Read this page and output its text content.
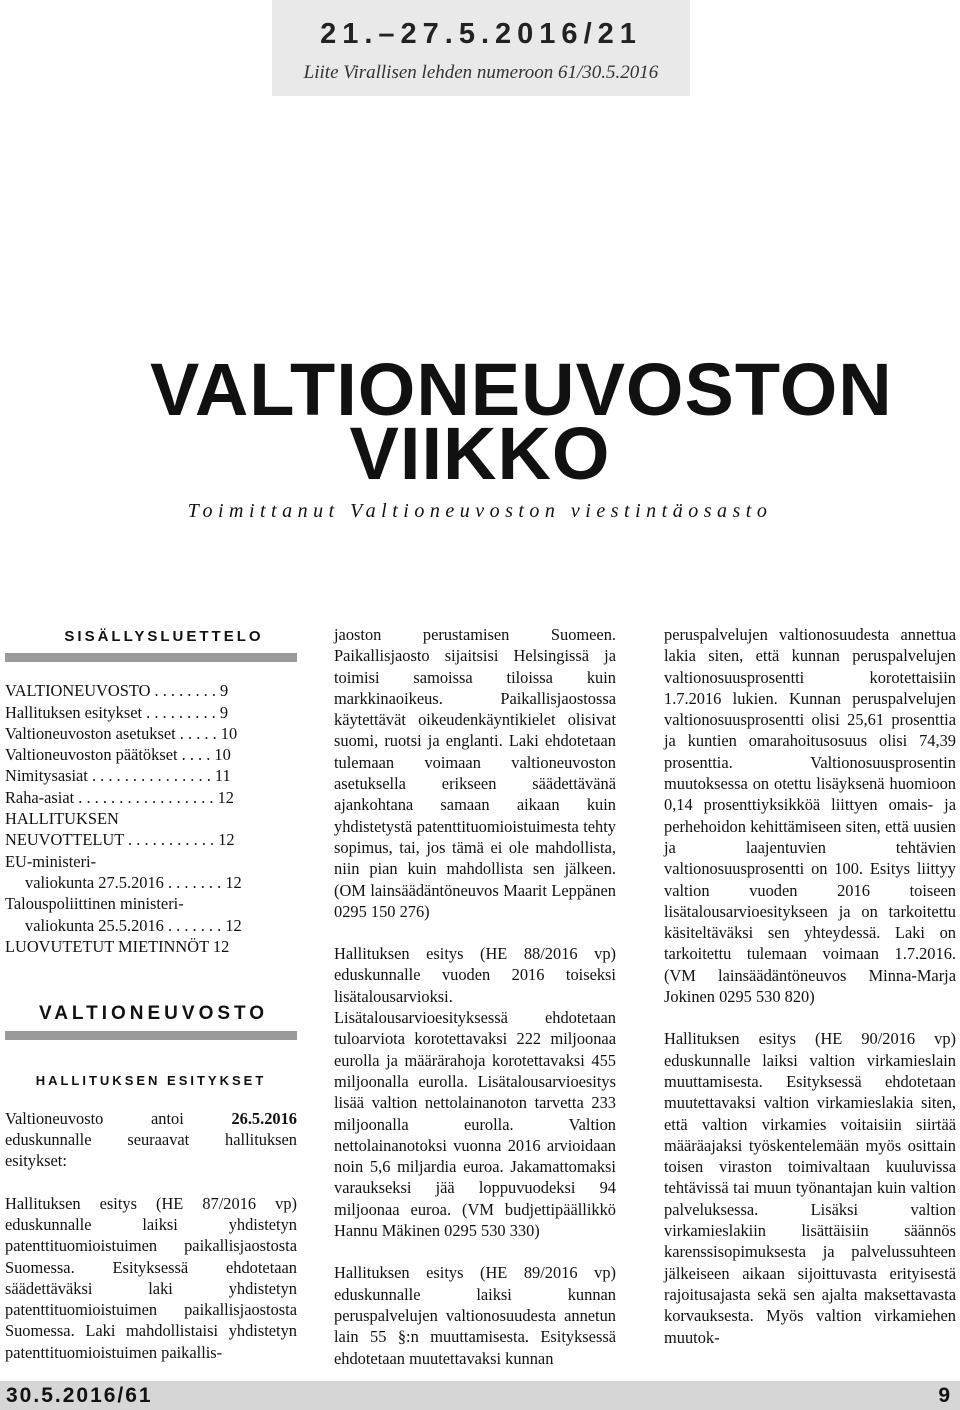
21.–27.5.2016/21
Liite Virallisen lehden numeroon 61/30.5.2016
VALTIONEUVOSTON
VIIKKO
Toimittanut Valtioneuvoston viestintäosasto
SISÄLLYSLUETTELO
VALTIONEUVOSTO . . . . . . . . 9
Hallituksen esitykset . . . . . . . . . 9
Valtioneuvoston asetukset . . . . . 10
Valtioneuvoston päätökset . . . . 10
Nimitysasiat . . . . . . . . . . . . . . . 11
Raha-asiat . . . . . . . . . . . . . . . . . 12
HALLITUKSEN
NEUVOTTELUT . . . . . . . . . . . 12
EU-ministeri-
valiokunta 27.5.2016 . . . . . . . 12
Talouspoliittinen ministeri-
valiokunta 25.5.2016 . . . . . . . 12
LUOVUTETUT MIETINNÖT 12
VALTIONEUVOSTO
HALLITUKSEN ESITYKSET

Valtioneuvosto antoi 26.5.2016 eduskunnalle seuraavat hallituksen esitykset:

Hallituksen esitys (HE 87/2016 vp) eduskunnalle laiksi yhdistetyn patenttituomioistuimen paikallisjaostosta Suomessa. Esityksessä ehdotetaan säädettäväksi laki yhdistetyn patenttituomioistuimen paikallisjaostosta Suomessa. Laki mahdollistaisi yhdistetyn patenttituomioistuimen paikallis-

jaoston perustamisen Suomeen. Paikallisjaosto sijaitsisi Helsingissä ja toimisi samoissa tiloissa kuin markkinaoikeus. Paikallisjaostossa käytettävät oikeudenkäyntikielet olisivat suomi, ruotsi ja englanti. Laki ehdotetaan tulemaan voimaan valtioneuvoston asetuksella erikseen säädettävänä ajankohtana samaan aikaan kuin yhdistetystä patenttituomioistuimesta tehty sopimus, tai, jos tämä ei ole mahdollista, niin pian kuin mahdollista sen jälkeen. (OM lainsäädäntöneuvos Maarit Leppänen 0295 150 276)

Hallituksen esitys (HE 88/2016 vp) eduskunnalle vuoden 2016 toiseksi lisätalousarvioksi. Lisätalousarvioesityksessä ehdotetaan tuloarviota korotettavaksi 222 miljoonaa eurolla ja määrärahoja korotettavaksi 455 miljoonalla eurolla. Lisätalousarvioesitys lisää valtion nettolainanoton tarvetta 233 miljoonalla eurolla. Valtion nettolainanotoksi vuonna 2016 arvioidaan noin 5,6 miljardia euroa. Jakamattomaksi varaukseksi jää loppuvuodeksi 94 miljoonaa euroa. (VM budjettipäällikkö Hannu Mäkinen 0295 530 330)

Hallituksen esitys (HE 89/2016 vp) eduskunnalle laiksi kunnan peruspalvelujen valtionosuudesta annetun lain 55 §:n muuttamisesta. Esityksessä ehdotetaan muutettavaksi kunnan

peruspalvelujen valtionosuudesta annettua lakia siten, että kunnan peruspalvelujen valtionosuusprosentti korotettaisiin 1.7.2016 lukien. Kunnan peruspalvelujen valtionosuusprosentti olisi 25,61 prosenttia ja kuntien omarahoitusosuus olisi 74,39 prosenttia. Valtionosuusprosentin muutoksessa on otettu lisäyksenä huomioon 0,14 prosenttiyksikköä liittyen omais- ja perhehoidon kehittämiseen siten, että uusien ja laajentuvien tehtävien valtionosuusprosentti on 100. Esitys liittyy valtion vuoden 2016 toiseen lisätalousarvioesitykseen ja on tarkoitettu käsiteltäväksi sen yhteydessä. Laki on tarkoitettu tulemaan voimaan 1.7.2016. (VM lainsäädäntöneuvos Minna-Marja Jokinen 0295 530 820)

Hallituksen esitys (HE 90/2016 vp) eduskunnalle laiksi valtion virkamieslain muuttamisesta. Esityksessä ehdotetaan muutettavaksi valtion virkamieslakia siten, että valtion virkamies voitaisiin siirtää määräajaksi työskentelemään myös osittain toisen viraston toimivaltaan kuuluvissa tehtävissä tai muun työnantajan kuin valtion palveluksessa. Lisäksi valtion virkamieslakiin lisättäisiin säännös karenssisopimuksesta ja palvelussuhteen jälkeiseen aikaan sijoittuvasta erityisestä rajoitusajasta sekä sen ajalta maksettavasta korvauksesta. Myös valtion virkamiehen muutok-

30.5.2016/61	9
